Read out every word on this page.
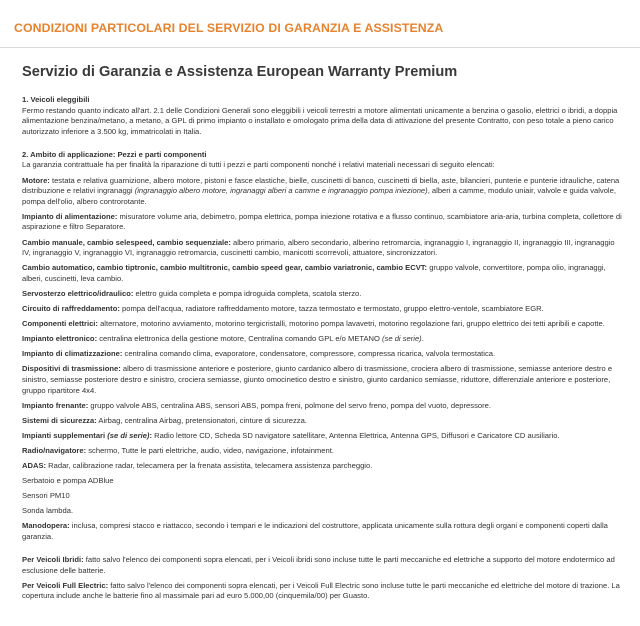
CONDIZIONI PARTICOLARI DEL SERVIZIO DI GARANZIA E ASSISTENZA
Servizio di Garanzia e Assistenza European Warranty Premium

1. Veicoli eleggibili

Fermo restando quanto indicato all'art. 2.1 delle Condizioni Generali sono eleggibili i veicoli terrestri a motore alimentati unicamente a benzina o gasolio, elettrici o ibridi, a doppia alimentazione benzina/metano, a metano, a GPL di primo impianto o installato e omologato prima della data di attivazione del presente Contratto, con peso totale a pieno carico autorizzato inferiore a 3.500 kg, immatricolati in Italia.

2. Ambito di applicazione: Pezzi e parti componenti

La garanzia contrattuale ha per finalità la riparazione di tutti i pezzi e parti componenti nonché i relativi materiali necessari di seguito elencati:

Motore: testata e relativa guarnizione, albero motore, pistoni e fasce elastiche, bielle, cuscinetti di banco, cuscinetti di biella, aste, bilancieri, punterie e punterie idrauliche, catena distribuzione e relativi ingranaggi (ingranaggio albero motore, ingranaggi alberi a camme e ingranaggio pompa iniezione), alberi a camme, modulo uniair, valvole e guida valvole, pompa dell'olio, albero controrotante.

Impianto di alimentazione: misuratore volume aria, debimetro, pompa elettrica, pompa iniezione rotativa e a flusso continuo, scambiatore aria-aria, turbina completa, collettore di aspirazione e filtro Separatore.

Cambio manuale, cambio selespeed, cambio sequenziale: albero primario, albero secondario, alberino retromarcia, ingranaggio I, ingranaggio II, ingranaggio III, ingranaggio IV, ingranaggio V, ingranaggio VI, ingranaggio retromarcia, cuscinetti cambio, manicotti scorrevoli, attuatore, sincronizzatori.

Cambio automatico, cambio tiptronic, cambio multitronic, cambio speed gear, cambio variatronic, cambio ECVT: gruppo valvole, convertitore, pompa olio, ingranaggi, alberi, cuscinetti, leva cambio.

Servosterzo elettrico/idraulico: elettro guida completa e pompa idroguida completa, scatola sterzo.

Circuito di raffreddamento: pompa dell'acqua, radiatore raffreddamento motore, tazza termostato e termostato, gruppo elettro-ventole, scambiatore EGR.

Componenti elettrici: alternatore, motorino avviamento, motorino tergicristalli, motorino pompa lavavetri, motorino regolazione fari, gruppo elettrico dei tetti apribili e capotte.

Impianto elettronico: centralina elettronica della gestione motore, Centralina comando GPL e/o METANO (se di serie).

Impianto di climatizzazione: centralina comando clima, evaporatore, condensatore, compressore, compressa ricarica, valvola termostatica.

Dispositivi di trasmissione: albero di trasmissione anteriore e posteriore, giunto cardanico albero di trasmissione, crociera albero di trasmissione, semiasse anteriore destro e sinistro, semiasse posteriore destro e sinistro, crociera semiasse, giunto omocinetico destro e sinistro, giunto cardanico semiasse, riduttore, differenziale anteriore e posteriore, gruppo ripartitore 4x4.

Impianto frenante: gruppo valvole ABS, centralina ABS, sensori ABS, pompa freni, polmone del servo freno, pompa del vuoto, depressore.

Sistemi di sicurezza: Airbag, centralina Airbag, pretensionatori, cinture di sicurezza.

Impianti supplementari (se di serie): Radio lettore CD, Scheda SD navigatore satellitare, Antenna Elettrica, Antenna GPS, Diffusori e Caricatore CD ausiliario.

Radio/navigatore: schermo, Tutte le parti elettriche, audio, video, navigazione, infotainment.

ADAS: Radar, calibrazione radar, telecamera per la frenata assistita, telecamera assistenza parcheggio.

Serbatoio e pompa ADBlue

Sensori PM10

Sonda lambda.

Manodopera: inclusa, compresi stacco e riattacco, secondo i tempari e le indicazioni del costruttore, applicata unicamente sulla rottura degli organi e componenti coperti dalla garanzia.

Per Veicoli Ibridi: fatto salvo l'elenco dei componenti sopra elencati, per i Veicoli ibridi sono incluse tutte le parti meccaniche ed elettriche a supporto del motore endotermico ad esclusione delle batterie.

Per Veicoli Full Electric: fatto salvo l'elenco dei componenti sopra elencati, per i Veicoli Full Electric sono incluse tutte le parti meccaniche ed elettriche del motore di trazione. La copertura include anche le batterie fino al massimale pari ad euro 5.000,00 (cinquemila/00) per Guasto.
